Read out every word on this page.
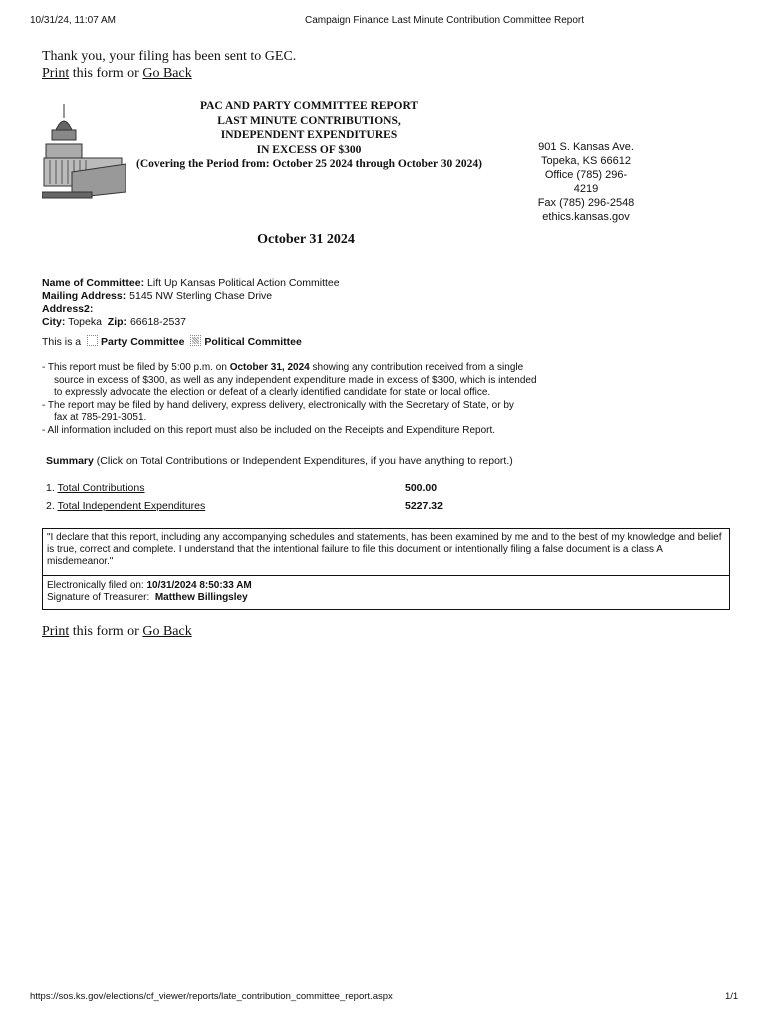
10/31/24, 11:07 AM	Campaign Finance Last Minute Contribution Committee Report
Thank you, your filing has been sent to GEC.
Print this form or Go Back
PAC AND PARTY COMMITTEE REPORT
LAST MINUTE CONTRIBUTIONS,
INDEPENDENT EXPENDITURES
IN EXCESS OF $300
(Covering the Period from: October 25 2024 through October 30 2024)
901 S. Kansas Ave.
Topeka, KS 66612
Office (785) 296-4219
Fax (785) 296-2548
ethics.kansas.gov
October 31 2024
Name of Committee: Lift Up Kansas Political Action Committee
Mailing Address: 5145 NW Sterling Chase Drive
Address2:
City: Topeka Zip: 66618-2537
This is a Party Committee Political Committee
- This report must be filed by 5:00 p.m. on October 31, 2024 showing any contribution received from a single
source in excess of $300, as well as any independent expenditure made in excess of $300, which is intended
to expressly advocate the election or defeat of a clearly identified candidate for state or local office.
- The report may be filed by hand delivery, express delivery, electronically with the Secretary of State, or by
fax at 785-291-3051.
- All information included on this report must also be included on the Receipts and Expenditure Report.
Summary (Click on Total Contributions or Independent Expenditures, if you have anything to report.)
1. Total Contributions	500.00
2. Total Independent Expenditures	5227.32
"I declare that this report, including any accompanying schedules and statements, has been examined by me and to the best of my knowledge and belief is true, correct and complete. I understand that the intentional failure to file this document or intentionally filing a false document is a class A misdemeanor."
Electronically filed on: 10/31/2024 8:50:33 AM
Signature of Treasurer: Matthew Billingsley
Print this form or Go Back
https://sos.ks.gov/elections/cf_viewer/reports/late_contribution_committee_report.aspx	1/1
